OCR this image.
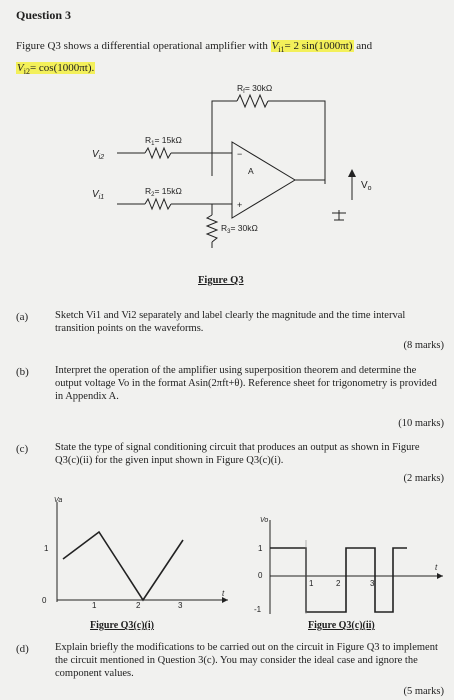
Question 3
Figure Q3 shows a differential operational amplifier with $V_{i1}= 2$ sin(1000πt) and
$V_{i2}= \cos(1000\pi t)$.
$R_f= 30k\Omega$
$R_1= 15k\Omega$
$R_2= 15k\Omega$
$R_3= 30k\Omega$
$V_{i2}$
$V_{i1}$
A
−
+
$V_o$
Figure Q3
(a)	Sketch Vi1 and Vi2 separately and label clearly the magnitude and the time interval transition points on the waveforms.
(8 marks)
(b) Interpret the operation of the amplifier using superposition theorem and determine the output voltage Vo in the format Asin(2πft+θ). Reference sheet for trigonometry is provided in Appendix A.
(10 marks)
(c)	State the type of signal conditioning circuit that produces an output as shown in Figure Q3(c)(ii) for the given input shown in Figure Q3(c)(i).
(2 marks)
Va
1
0
1	2	3
t
Figure Q3(c)(i)
Vo
1
0
-1
1	2	3
t
Figure Q3(c)(ii)
(d) Explain briefly the modifications to be carried out on the circuit in Figure Q3 to implement the circuit mentioned in Question 3(c). You may consider the ideal case and ignore the component values.
(5 marks)
